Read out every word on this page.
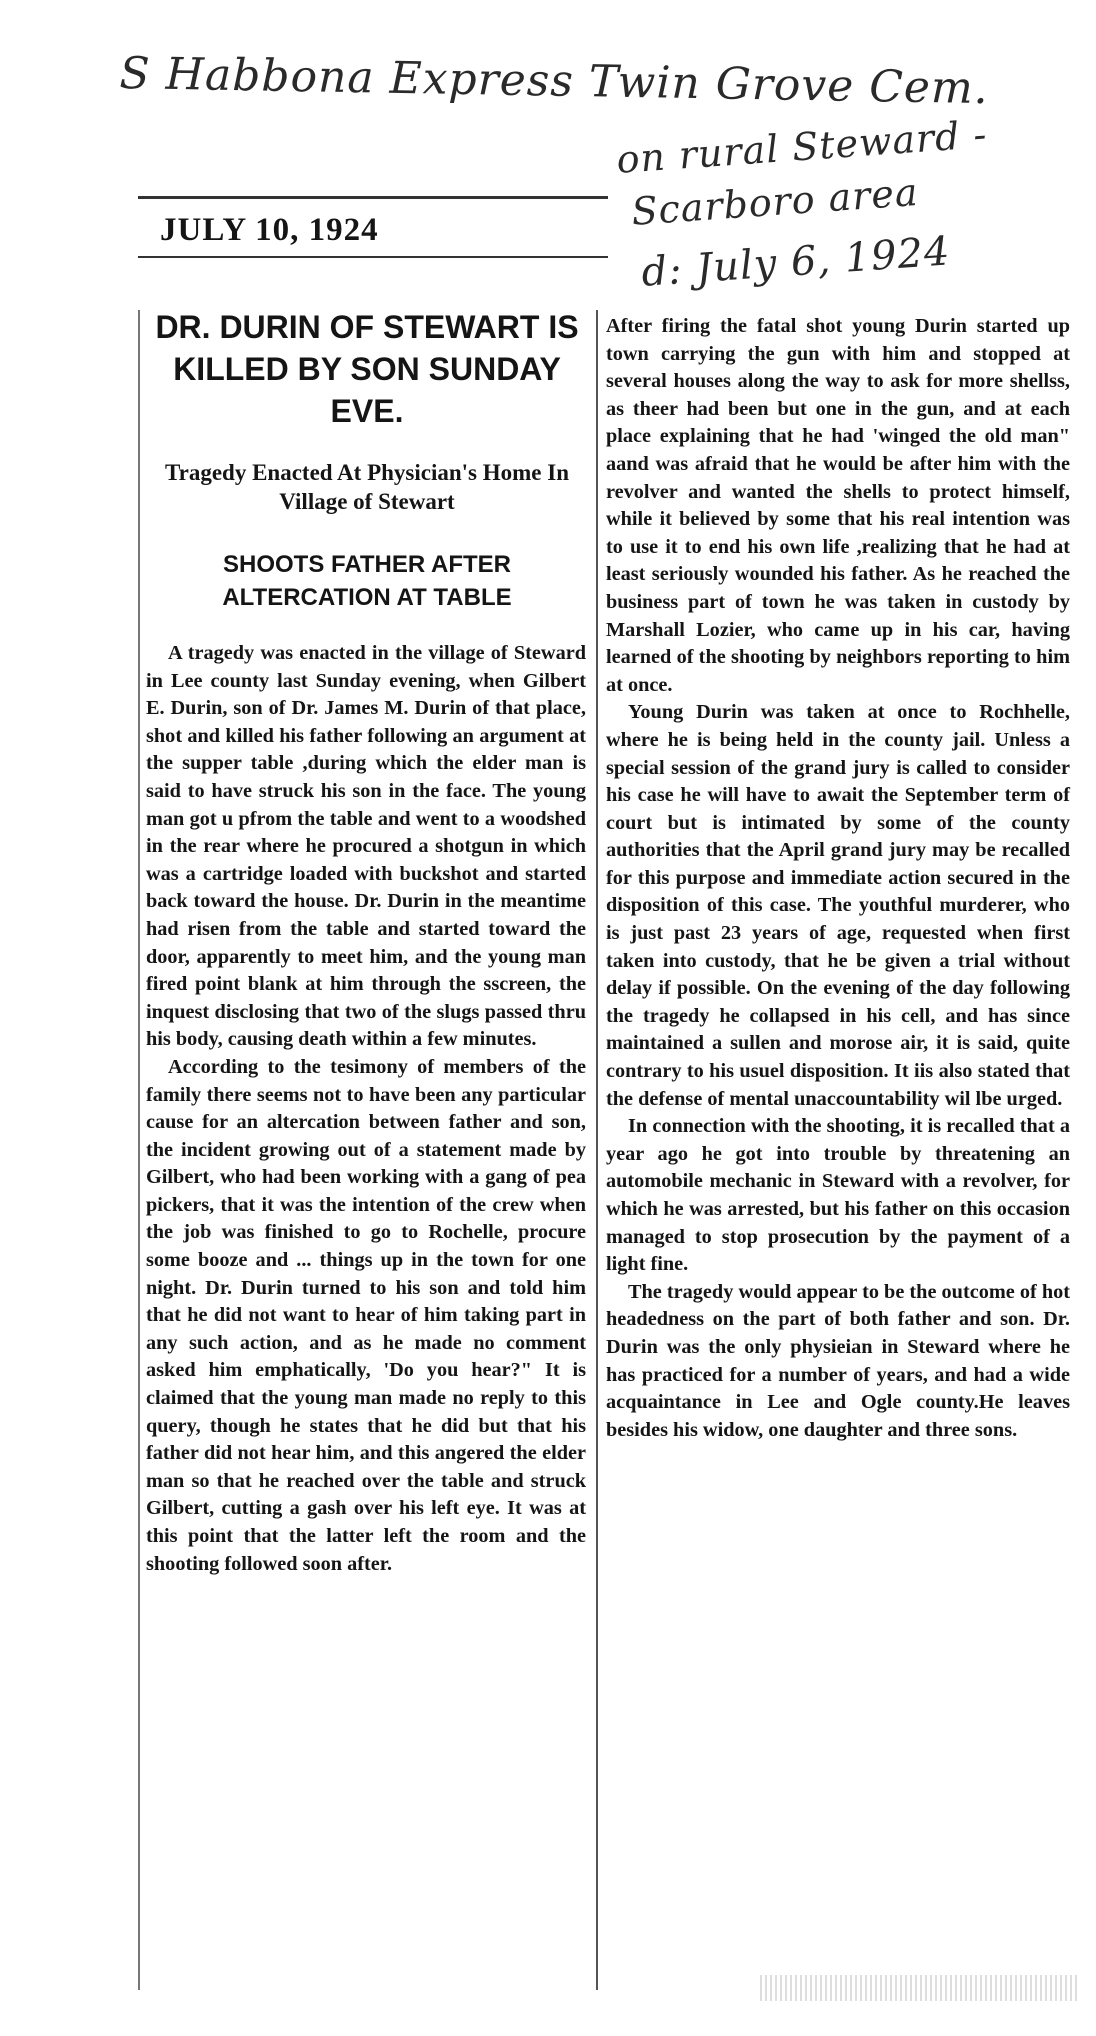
S Habbona Express Twin Grove Cem.
on rural Steward -
Scarboro area
d: July 6, 1924
JULY 10, 1924
DR. DURIN OF STEWART IS KILLED BY SON SUNDAY EVE.
Tragedy Enacted At Physician's Home In Village of Stewart
SHOOTS FATHER AFTER ALTERCATION AT TABLE

A tragedy was enacted in the village of Steward in Lee county last Sunday evening, when Gilbert E. Durin, son of Dr. James M. Durin of that place, shot and killed his father following an argument at the supper table ,during which the elder man is said to have struck his son in the face. The young man got u pfrom the table and went to a woodshed in the rear where he procured a shotgun in which was a cartridge loaded with buckshot and started back toward the house. Dr. Durin in the meantime had risen from the table and started toward the door, apparently to meet him, and the young man fired point blank at him through the sscreen, the inquest disclosing that two of the slugs passed thru his body, causing death within a few minutes.

According to the tesimony of members of the family there seems not to have been any particular cause for an altercation between father and son, the incident growing out of a statement made by Gilbert, who had been working with a gang of pea pickers, that it was the intention of the crew when the job was finished to go to Rochelle, procure some booze and ... things up in the town for one night. Dr. Durin turned to his son and told him that he did not want to hear of him taking part in any such action, and as he made no comment asked him emphatically, 'Do you hear?" It is claimed that the young man made no reply to this query, though he states that he did but that his father did not hear him, and this angered the elder man so that he reached over the table and struck Gilbert, cutting a gash over his left eye. It was at this point that the latter left the room and the shooting followed soon after.

After firing the fatal shot young Durin started up town carrying the gun with him and stopped at several houses along the way to ask for more shellss, as theer had been but one in the gun, and at each place explaining that he had 'winged the old man" aand was afraid that he would be after him with the revolver and wanted the shells to protect himself, while it believed by some that his real intention was to use it to end his own life ,realizing that he had at least seriously wounded his father. As he reached the business part of town he was taken in custody by Marshall Lozier, who came up in his car, having learned of the shooting by neighbors reporting to him at once.

Young Durin was taken at once to Rochhelle, where he is being held in the county jail. Unless a special session of the grand jury is called to consider his case he will have to await the September term of court but is intimated by some of the county authorities that the April grand jury may be recalled for this purpose and immediate action secured in the disposition of this case. The youthful murderer, who is just past 23 years of age, requested when first taken into custody, that he be given a trial without delay if possible. On the evening of the day following the tragedy he collapsed in his cell, and has since maintained a sullen and morose air, it is said, quite contrary to his usuel disposition. It iis also stated that the defense of mental unaccountability wil lbe urged.

In connection with the shooting, it is recalled that a year ago he got into trouble by threatening an automobile mechanic in Steward with a revolver, for which he was arrested, but his father on this occasion managed to stop prosecution by the payment of a light fine.

The tragedy would appear to be the outcome of hot headedness on the part of both father and son. Dr. Durin was the only physieian in Steward where he has practiced for a number of years, and had a wide acquaintance in Lee and Ogle county.He leaves besides his widow, one daughter and three sons.
